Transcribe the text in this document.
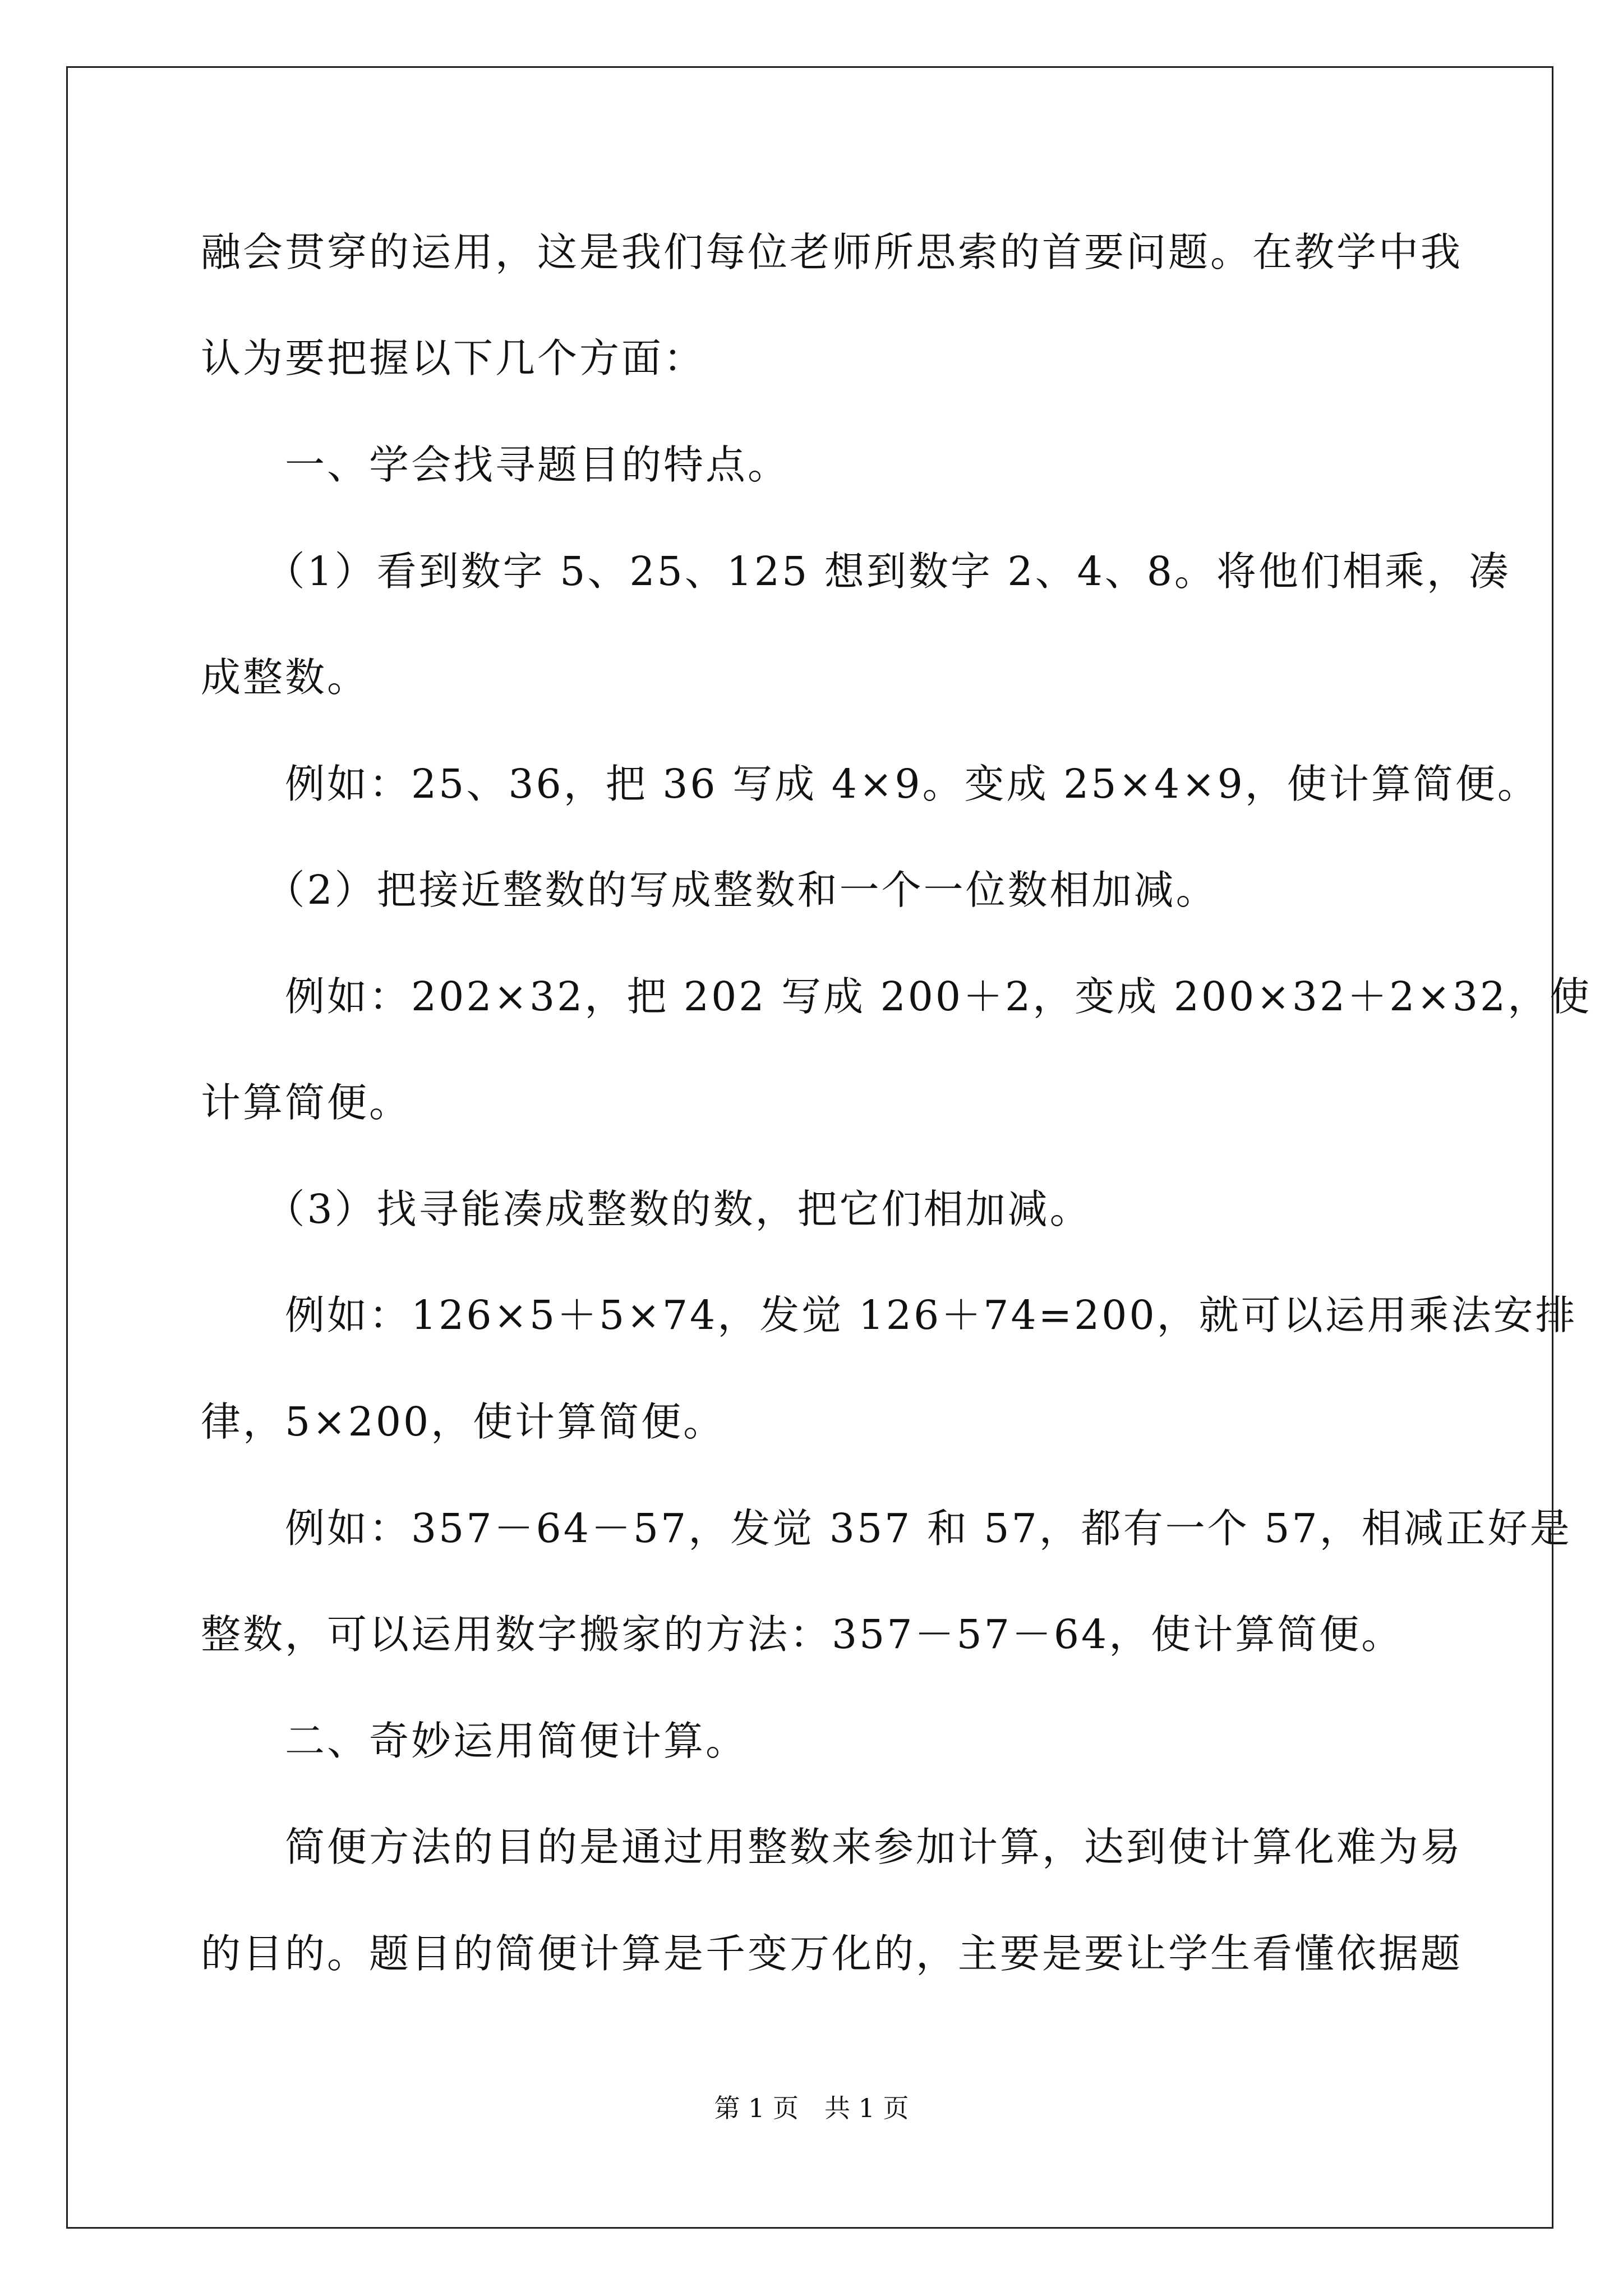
融会贯穿的运用，这是我们每位老师所思索的首要问题。在教学中我
认为要把握以下几个方面：
　　一、学会找寻题目的特点。
　　（1）看到数字 5、25、125 想到数字 2、4、8。将他们相乘，凑
成整数。
　　例如：25、36，把 36 写成 4×9。变成 25×4×9，使计算简便。
　　（2）把接近整数的写成整数和一个一位数相加减。
　　例如：202×32，把 202 写成 200＋2，变成 200×32＋2×32，使
计算简便。
　　（3）找寻能凑成整数的数，把它们相加减。
　　例如：126×5＋5×74，发觉 126＋74=200，就可以运用乘法安排
律，5×200，使计算简便。
　　例如：357－64－57，发觉 357 和 57，都有一个 57，相减正好是
整数，可以运用数字搬家的方法：357－57－64，使计算简便。
　　二、奇妙运用简便计算。
　　简便方法的目的是通过用整数来参加计算，达到使计算化难为易
的目的。题目的简便计算是千变万化的，主要是要让学生看懂依据题
第 1 页　共 1 页
